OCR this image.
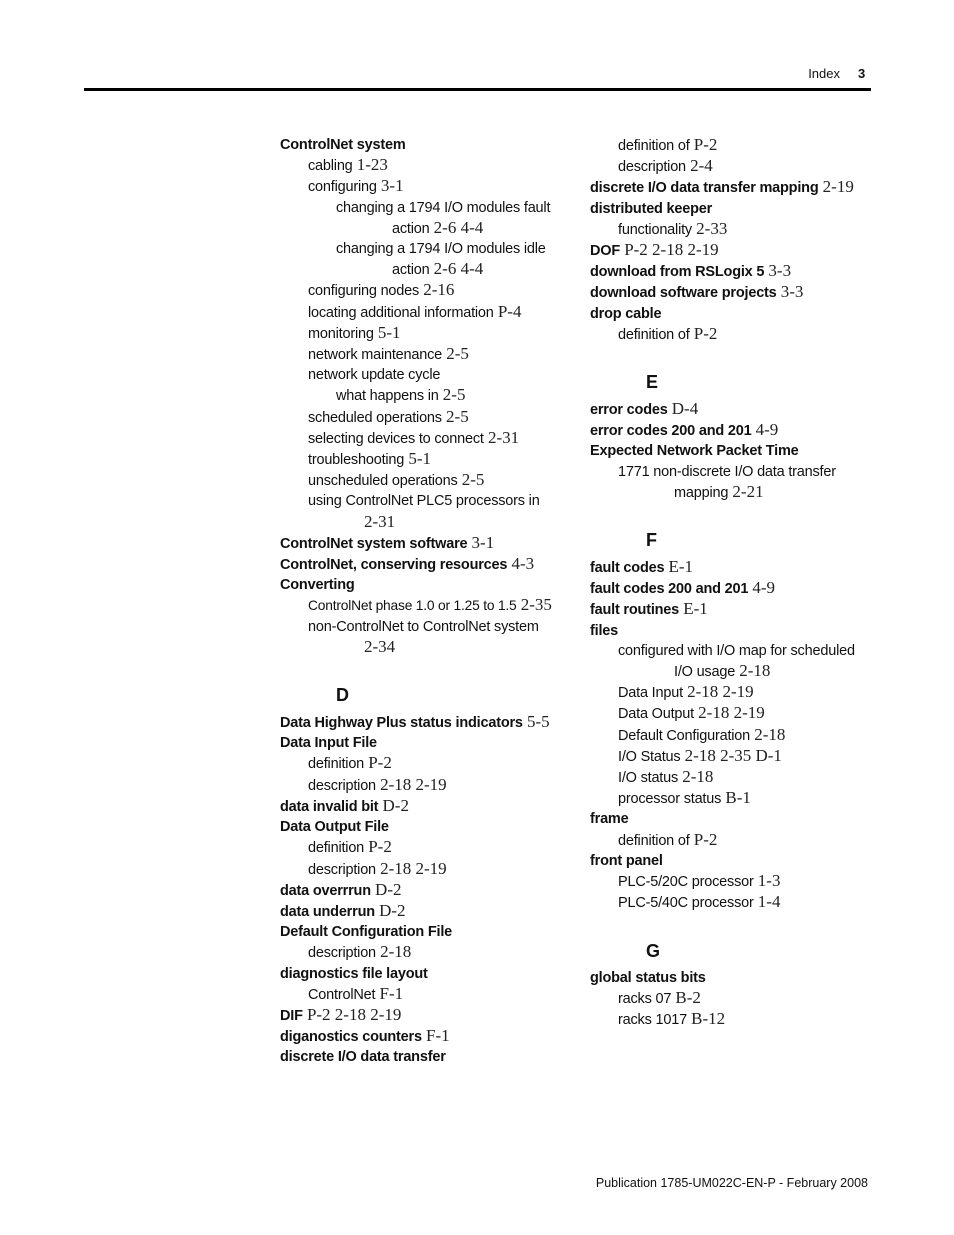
Index 3
ControlNet system
cabling 1-23
configuring 3-1
changing a 1794 I/O modules fault
action 2-6 4-4
changing a 1794 I/O modules idle
action 2-6 4-4
configuring nodes 2-16
locating additional information P-4
monitoring 5-1
network maintenance 2-5
network update cycle
what happens in 2-5
scheduled operations 2-5
selecting devices to connect 2-31
troubleshooting 5-1
unscheduled operations 2-5
using ControlNet PLC5 processors in
2-31
ControlNet system software 3-1
ControlNet, conserving resources 4-3
Converting
ControlNet phase 1.0 or 1.25 to 1.5 2-35
non-ControlNet to ControlNet system
2-34
D
Data Highway Plus status indicators 5-5
Data Input File
definition P-2
description 2-18 2-19
data invalid bit D-2
Data Output File
definition P-2
description 2-18 2-19
data overrrun D-2
data underrun D-2
Default Configuration File
description 2-18
diagnostics file layout
ControlNet F-1
DIF P-2 2-18 2-19
diganostics counters F-1
discrete I/O data transfer
definition of P-2
description 2-4
discrete I/O data transfer mapping 2-19
distributed keeper
functionality 2-33
DOF P-2 2-18 2-19
download from RSLogix 5 3-3
download software projects 3-3
drop cable
definition of P-2
E
error codes D-4
error codes 200 and 201 4-9
Expected Network Packet Time
1771 non-discrete I/O data transfer
mapping 2-21
F
fault codes E-1
fault codes 200 and 201 4-9
fault routines E-1
files
configured with I/O map for scheduled
I/O usage 2-18
Data Input 2-18 2-19
Data Output 2-18 2-19
Default Configuration 2-18
I/O Status 2-18 2-35 D-1
I/O status 2-18
processor status B-1
frame
definition of P-2
front panel
PLC-5/20C processor 1-3
PLC-5/40C processor 1-4
G
global status bits
racks 07 B-2
racks 1017 B-12
Publication 1785-UM022C-EN-P - February 2008
